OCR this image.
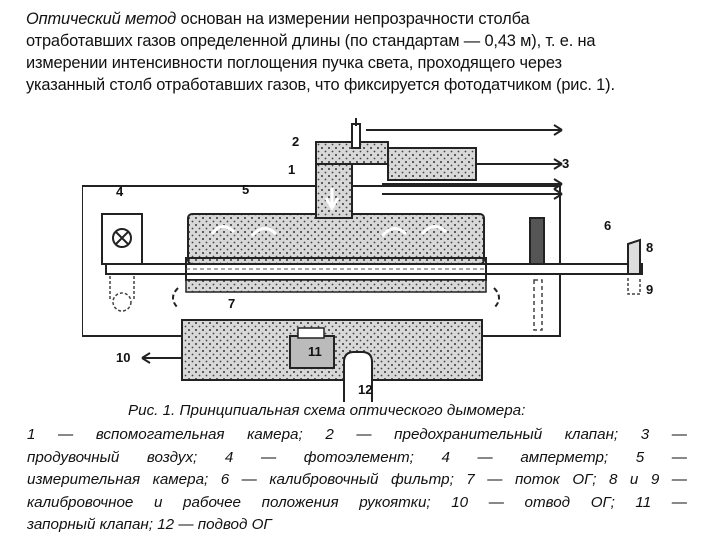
Оптический метод основан на измерении непрозрачности столба
отработавших газов определенной длины (по стандартам — 0,43 м), т. е. на
измерении интенсивности поглощения пучка света, проходящего через
указанный столб отработавших газов, что фиксируется фотодатчиком (рис. 1).
2
1	3
4	5
6
8
9
7
11
10
12
Рис. 1. Принципиальная схема оптического дымомера:
1 — вспомогательная камера; 2 — предохранительный клапан; 3 —
продувочный воздух; 4 — фотоэлемент; 4 — амперметр; 5 —
измерительная камера; 6 — калибровочный фильтр; 7 — поток ОГ; 8 и 9 —
калибровочное и рабочее положения рукоятки; 10 — отвод ОГ; 11 —
запорный клапан; 12 — подвод ОГ
